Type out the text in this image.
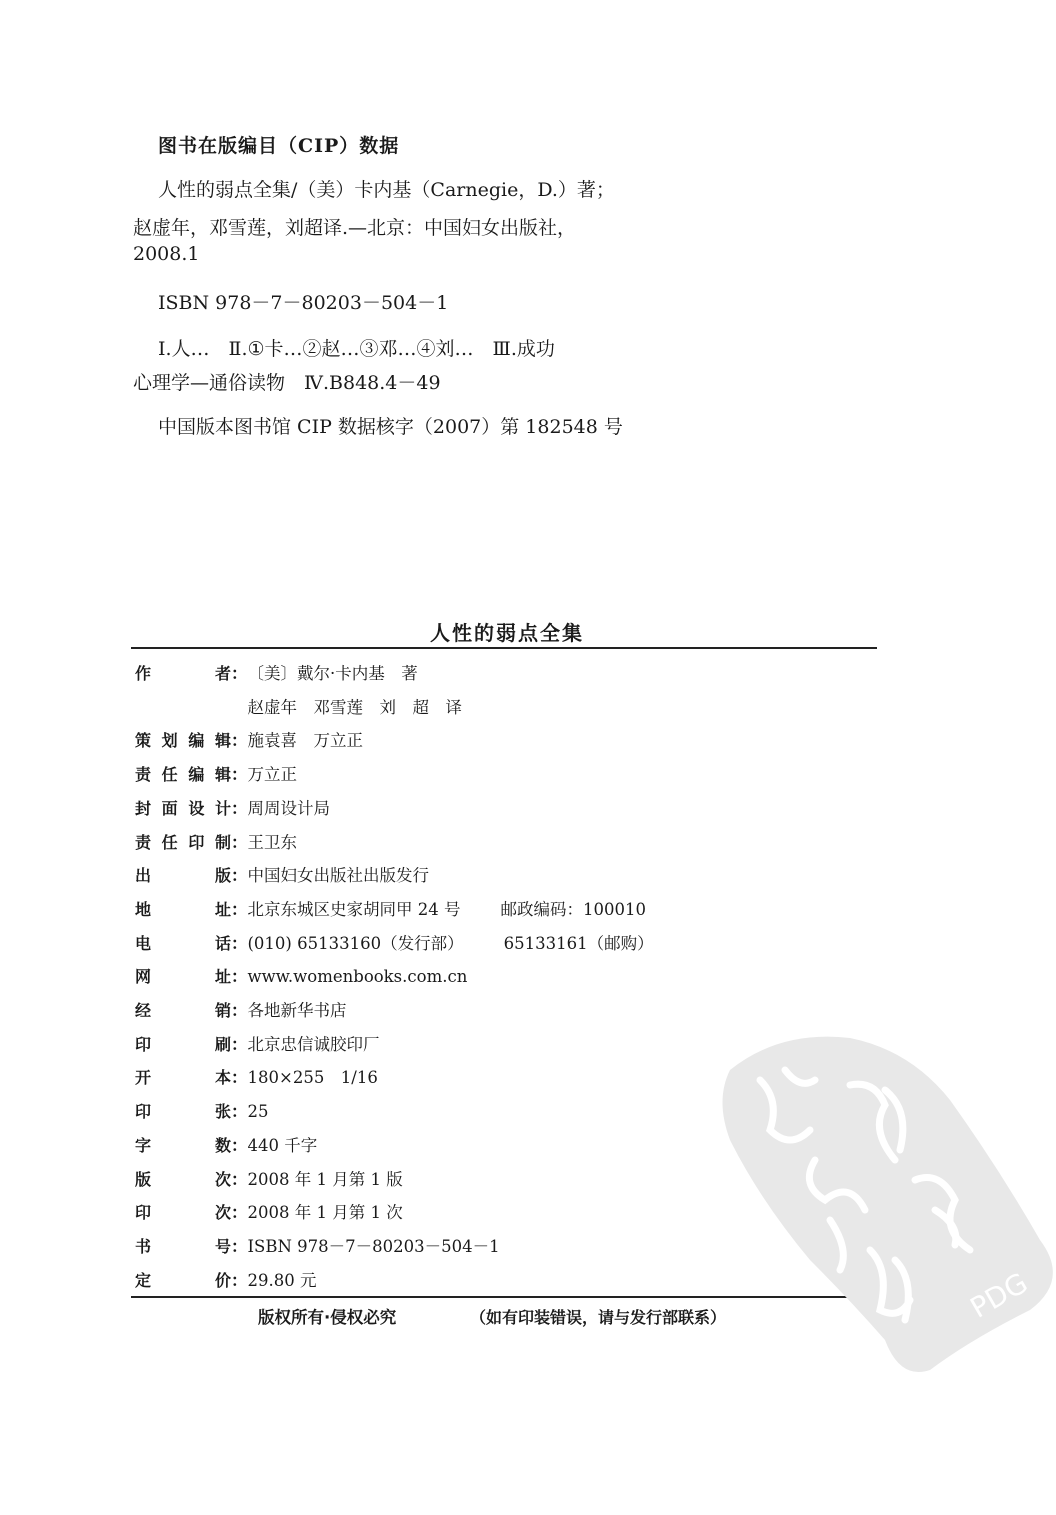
图书在版编目（CIP）数据
人性的弱点全集/（美）卡内基（Carnegie，D.）著；
赵虚年，邓雪莲，刘超译.—北京：中国妇女出版社，
2008.1
ISBN 978－7－80203－504－1
Ⅰ.人…　Ⅱ.①卡…②赵…③邓…④刘…　Ⅲ.成功
心理学—通俗读物　Ⅳ.B848.4－49
中国版本图书馆 CIP 数据核字（2007）第 182548 号
人性的弱点全集
作	者 ： 〔美〕戴尔·卡内基　著

赵虚年　邓雪莲　刘　超　译
策 划 编 辑 ： 施袁喜　万立正
责 任 编 辑 ： 万立正
封 面 设 计 ： 周周设计局
责 任 印 制 ： 王卫东
出	版 ： 中国妇女出版社出版发行
地	址 ： 北京东城区史家胡同甲 24 号 邮政编码：100010
电	话 ： (010) 65133160（发行部） 65133161（邮购）
网	址 ： www.womenbooks.com.cn
经	销 ： 各地新华书店
印	刷 ： 北京忠信诚胶印厂
开	本 ： 180×255　1/16
印	张 ： 25
字	数 ： 440 千字
版	次 ： 2008 年 1 月第 1 版
印	次 ： 2008 年 1 月第 1 次
书	号 ： ISBN 978－7－80203－504－1
定	价 ： 29.80 元
版权所有·侵权必究	（如有印装错误，请与发行部联系）	PDG
